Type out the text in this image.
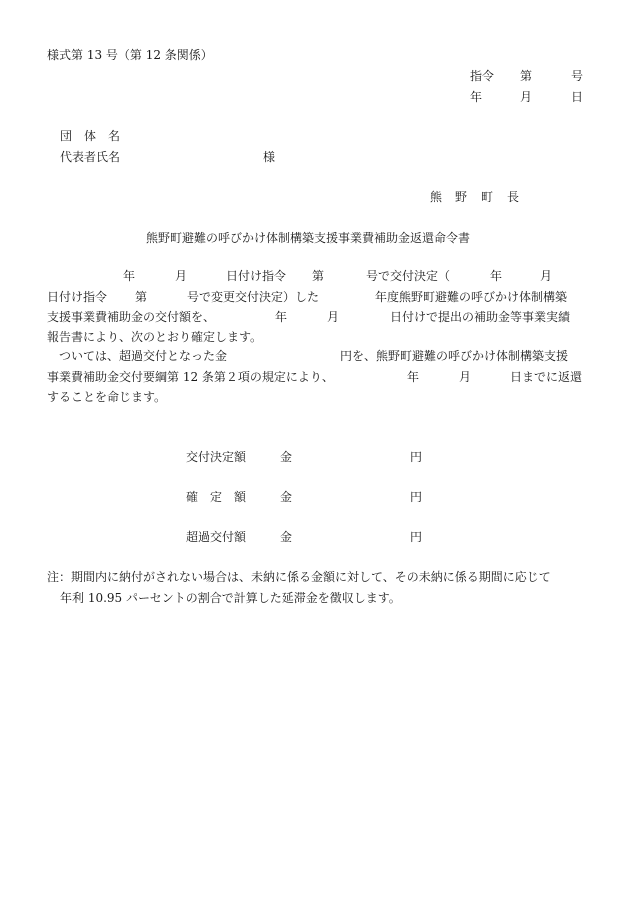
様式第 13 号（第 12 条関係）
指令 第	号
年	月	日
団 体 名
代表者氏名	様
熊 野 町 長
熊野町避難の呼びかけ体制構築支援事業費補助金返還命令書
年	月	日付け指令 第	号で交付決定（	年	月
日付け指令 第	号で変更交付決定）した	年度熊野町避難の呼びかけ体制構築
支援事業費補助金の交付額を、	年	月	日付けで提出の補助金等事業実績
報告書により、次のとおり確定します。
ついては、超過交付となった金	円を、熊野町避難の呼びかけ体制構築支援
事業費補助金交付要綱第 12 条第２項の規定により、	年	月	日までに返還
することを命じます。
交付決定額	金	円
確　定　額	金	円
超過交付額	金	円
注：期間内に納付がされない場合は、未納に係る金額に対して、その未納に係る期間に応じて
年利 10.95 パーセントの割合で計算した延滞金を徴収します。
